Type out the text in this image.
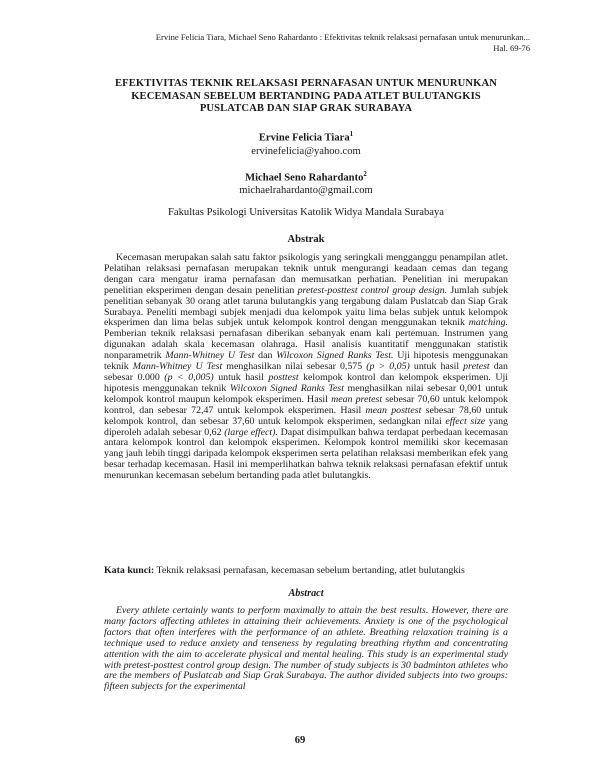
Ervine Felicia Tiara, Michael Seno Rahardanto : Efektivitas teknik relaksasi pernafasan untuk menurunkan...
Hal. 69-76
EFEKTIVITAS TEKNIK RELAKSASI PERNAFASAN UNTUK MENURUNKAN
KECEMASAN SEBELUM BERTANDING PADA ATLET BULUTANGKIS
PUSLATCAB DAN SIAP GRAK SURABAYA
Ervine Felicia Tiara$^1$
ervinefelicia@yahoo.com
Michael Seno Rahardanto$^2$
michaelrahardanto@gmail.com
Fakultas Psikologi Universitas Katolik Widya Mandala Surabaya
Abstrak

Kecemasan merupakan salah satu faktor psikologis yang seringkali mengganggu penampilan atlet. Pelatihan relaksasi pernafasan merupakan teknik untuk mengurangi keadaan cemas dan tegang dengan cara mengatur irama pernafasan dan memusatkan perhatian. Penelitian ini merupakan penelitian eksperimen dengan desain penelitian pretest-posttest control group design. Jumlah subjek penelitian sebanyak 30 orang atlet taruna bulutangkis yang tergabung dalam Puslatcab dan Siap Grak Surabaya. Peneliti membagi subjek menjadi dua kelompok yaitu lima belas subjek untuk kelompok eksperimen dan lima belas subjek untuk kelompok kontrol dengan menggunakan teknik matching. Pemberian teknik relaksasi pernafasan diberikan sebanyak enam kali pertemuan. Instrumen yang digunakan adalah skala kecemasan olahraga. Hasil analisis kuantitatif menggunakan statistik nonparametrik Mann-Whitney U Test dan Wilcoxon Signed Ranks Test. Uji hipotesis menggunakan teknik Mann-Whitney U Test menghasilkan nilai sebesar 0,575 (p > 0,05) untuk hasil pretest dan sebesar 0.000 (p < 0,005) untuk hasil posttest kelompok kontrol dan kelompok eksperimen. Uji hipotesis menggunakan teknik Wilcoxon Signed Ranks Test menghasilkan nilai sebesar 0,001 untuk kelompok kontrol maupun kelompok eksperimen. Hasil mean pretest sebesar 70,60 untuk kelompok kontrol, dan sebesar 72,47 untuk kelompok eksperimen. Hasil mean posttest sebesar 78,60 untuk kelompok kontrol, dan sebesar 37,60 untuk kelompok eksperimen, sedangkan nilai effect size yang diperoleh adalah sebesar 0,62 (large effect). Dapat disimpulkan bahwa terdapat perbedaan kecemasan antara kelompok kontrol dan kelompok eksperimen. Kelompok kontrol memiliki skor kecemasan yang jauh lebih tinggi daripada kelompok eksperimen serta pelatihan relaksasi memberikan efek yang besar terhadap kecemasan. Hasil ini memperlihatkan bahwa teknik relaksasi pernafasan efektif untuk menurunkan kecemasan sebelum bertanding pada atlet bulutangkis.

Kata kunci: Teknik relaksasi pernafasan, kecemasan sebelum bertanding, atlet bulutangkis
Abstract

Every athlete certainly wants to perform maximally to attain the best results. However, there are many factors affecting athletes in attaining their achievements. Anxiety is one of the psychological factors that often interferes with the performance of an athlete. Breathing relaxation training is a technique used to reduce anxiety and tenseness by regulating breathing rhythm and concentrating attention with the aim to accelerate physical and mental healing. This study is an experimental study with pretest-posttest control group design. The number of study subjects is 30 badminton athletes who are the members of Puslatcab and Siap Grak Surabaya. The author divided subjects into two groups: fifteen subjects for the experimental

69
